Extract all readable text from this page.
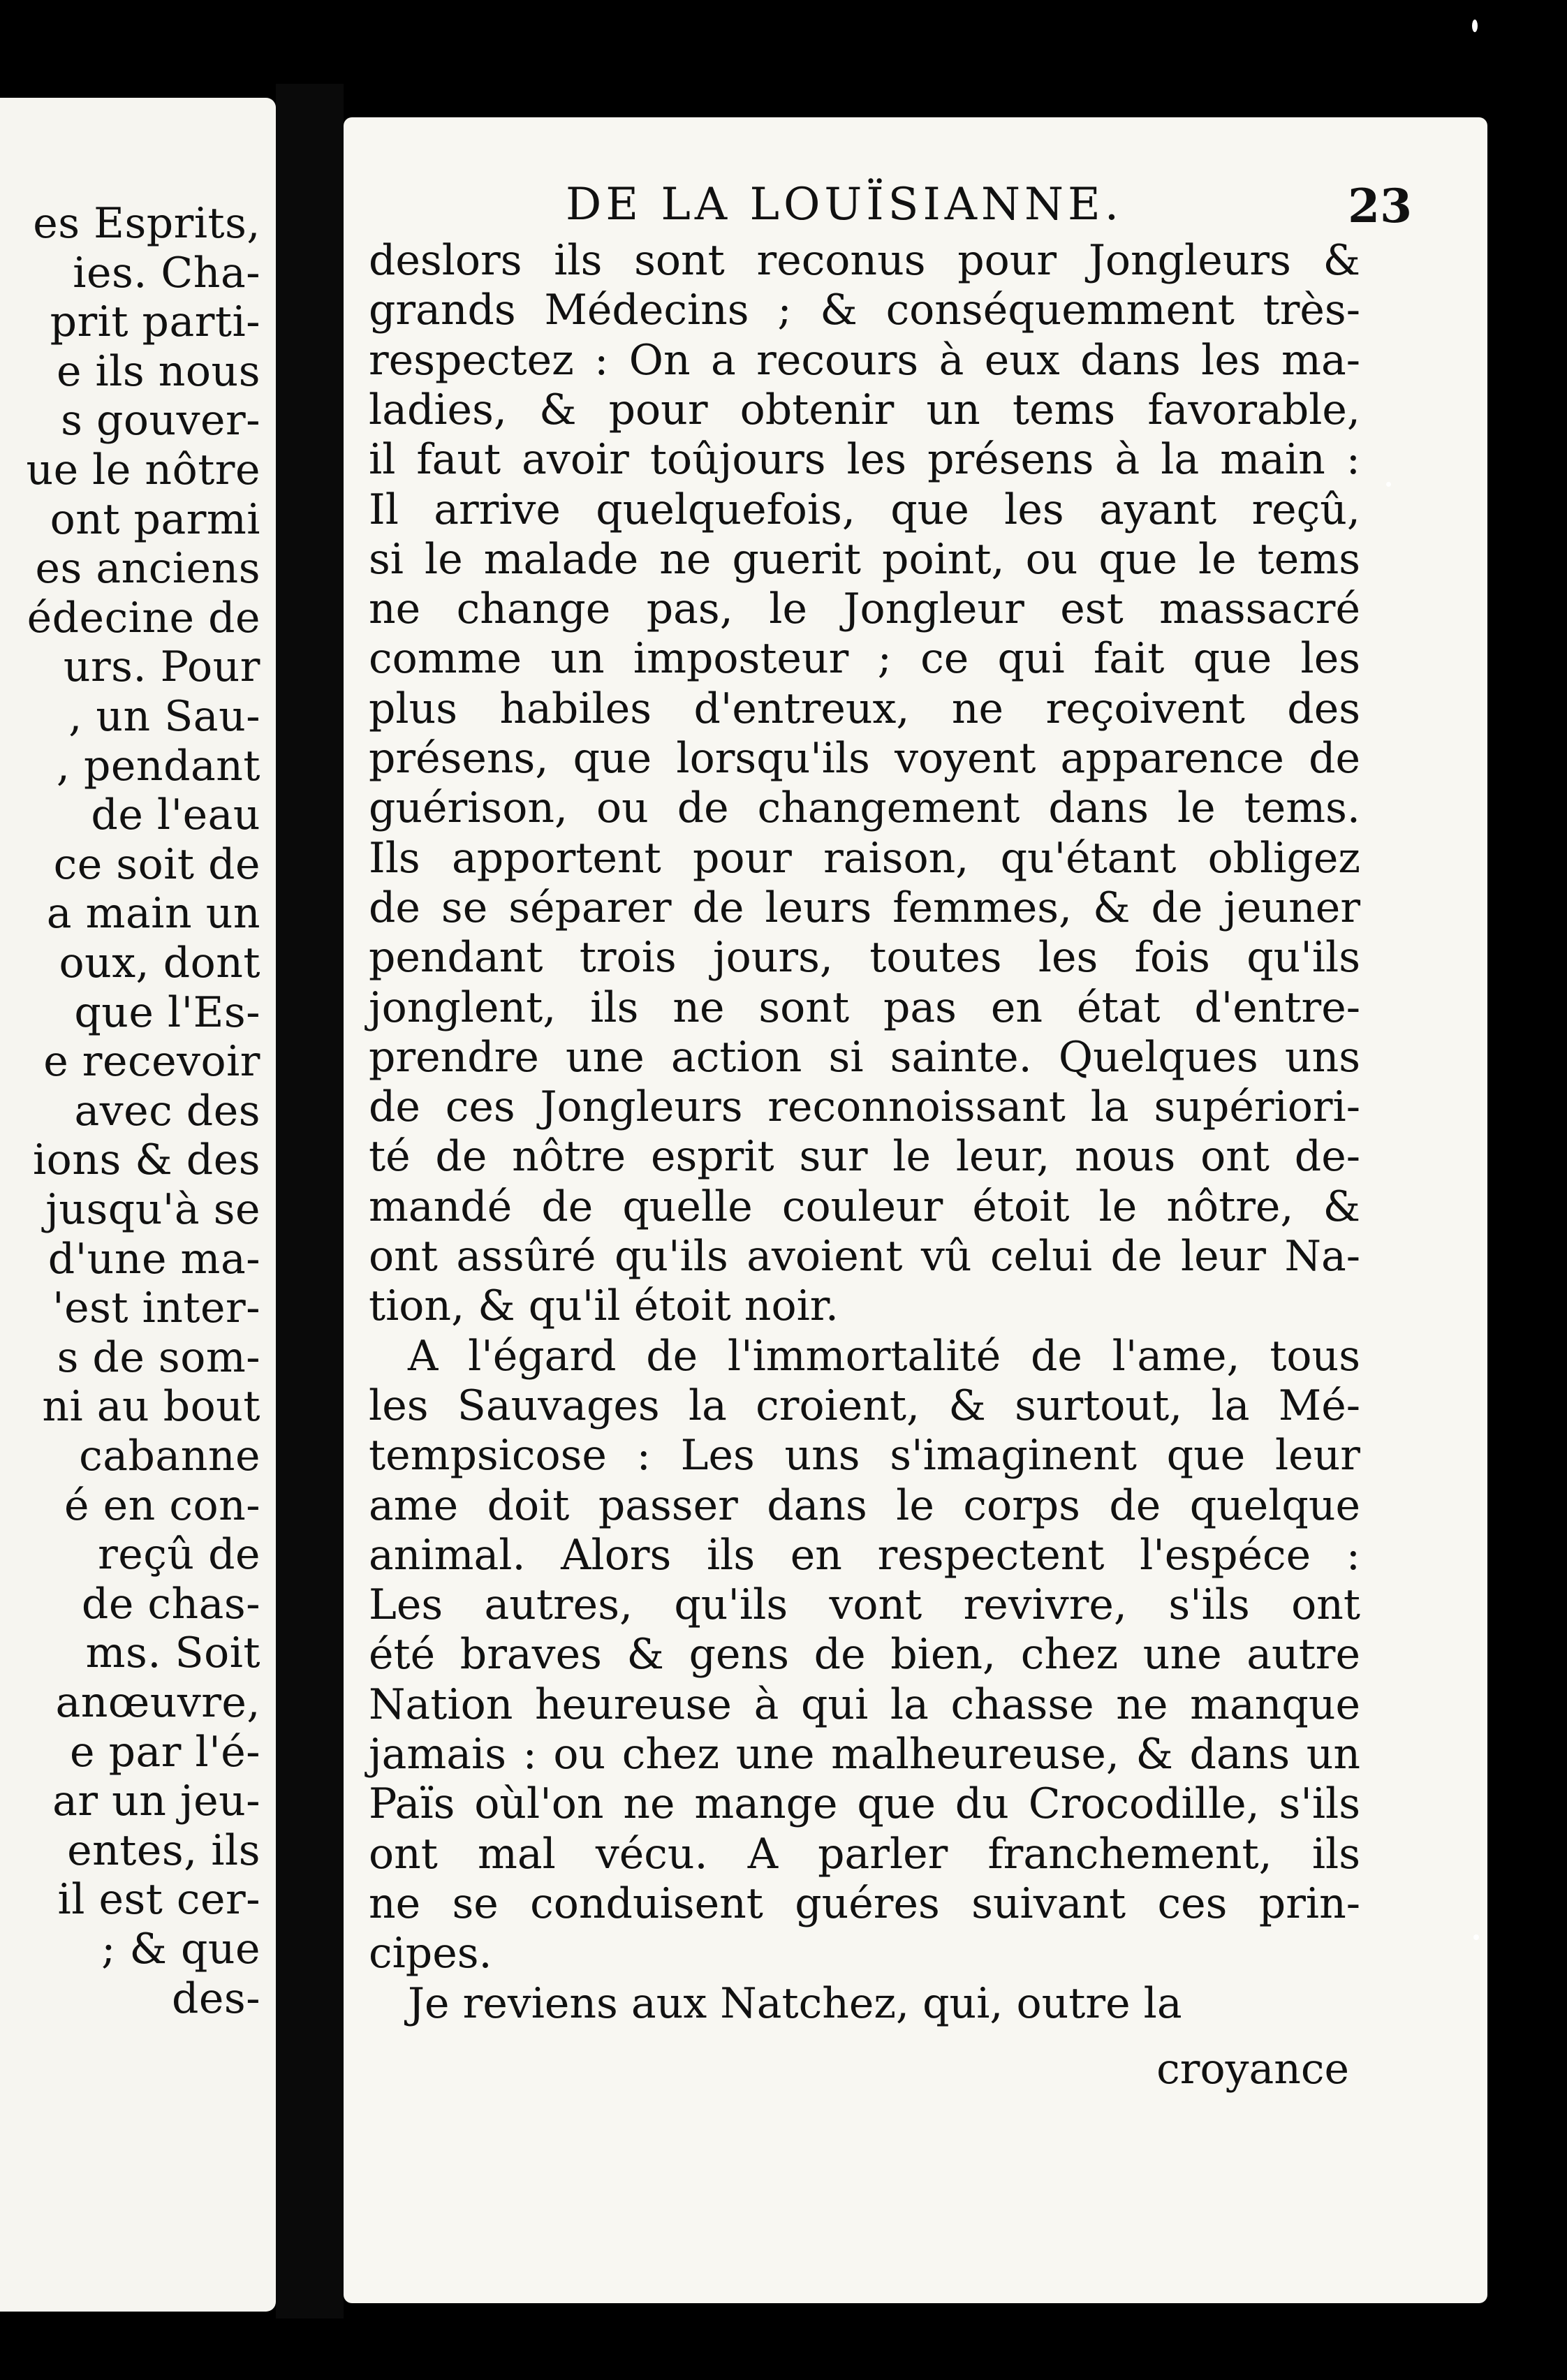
es Esprits,
ies. Cha-
prit parti-
e ils nous
s gouver-
ue le nôtre
ont parmi
es anciens
édecine de
urs. Pour
, un Sau-
, pendant
de l'eau
ce soit de
a main un
oux, dont
que l'Es-
e recevoir
avec des
ions & des
jusqu'à se
d'une ma-
'est inter-
s de som-
ni au bout
cabanne
é en con-
reçû de
de chas-
ms. Soit
anœuvre,
e par l'é-
ar un jeu-
entes, ils
il est cer-
; & que
des-
DE LA LOUÏSIANNE.	23
deslors ils sont reconus pour Jongleurs &
grands Médecins ; & conséquemment très-
respectez : On a recours à eux dans les ma-
ladies, & pour obtenir un tems favorable,
il faut avoir toûjours les présens à la main :
Il arrive quelquefois, que les ayant reçû,
si le malade ne guerit point, ou que le tems
ne change pas, le Jongleur est massacré
comme un imposteur ; ce qui fait que les
plus habiles d'entreux, ne reçoivent des
présens, que lorsqu'ils voyent apparence de
guérison, ou de changement dans le tems.
Ils apportent pour raison, qu'étant obligez
de se séparer de leurs femmes, & de jeuner
pendant trois jours, toutes les fois qu'ils
jonglent, ils ne sont pas en état d'entre-
prendre une action si sainte. Quelques uns
de ces Jongleurs reconnoissant la supériori-
té de nôtre esprit sur le leur, nous ont de-
mandé de quelle couleur étoit le nôtre, &
ont assûré qu'ils avoient vû celui de leur Na-
tion, & qu'il étoit noir.
A l'égard de l'immortalité de l'ame, tous
les Sauvages la croient, & surtout, la Mé-
tempsicose : Les uns s'imaginent que leur
ame doit passer dans le corps de quelque
animal. Alors ils en respectent l'espéce :
Les autres, qu'ils vont revivre, s'ils ont
été braves & gens de bien, chez une autre
Nation heureuse à qui la chasse ne manque
jamais : ou chez une malheureuse, & dans un
Païs oùl'on ne mange que du Crocodille, s'ils
ont mal vécu. A parler franchement, ils
ne se conduisent guéres suivant ces prin-
cipes.
Je reviens aux Natchez, qui, outre la
croyance
